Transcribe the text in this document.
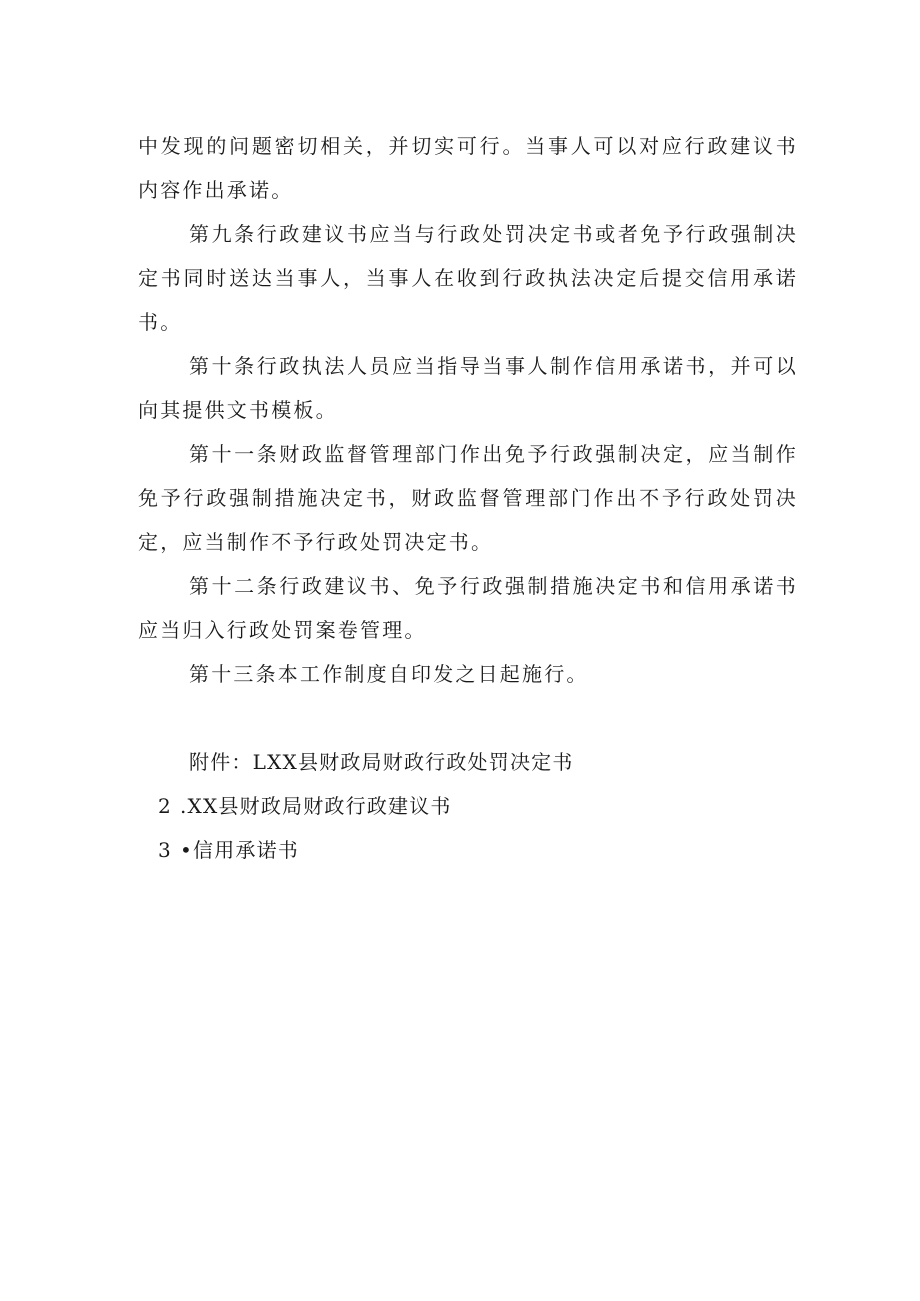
中发现的问题密切相关，并切实可行。当事人可以对应行政建议书内容作出承诺。

第九条行政建议书应当与行政处罚决定书或者免予行政强制决定书同时送达当事人，当事人在收到行政执法决定后提交信用承诺书。

第十条行政执法人员应当指导当事人制作信用承诺书，并可以向其提供文书模板。

第十一条财政监督管理部门作出免予行政强制决定，应当制作免予行政强制措施决定书，财政监督管理部门作出不予行政处罚决定，应当制作不予行政处罚决定书。

第十二条行政建议书、免予行政强制措施决定书和信用承诺书应当归入行政处罚案卷管理。

第十三条本工作制度自印发之日起施行。

附件：LXX县财政局财政行政处罚决定书

2 .XX县财政局财政行政建议书

3 •信用承诺书
